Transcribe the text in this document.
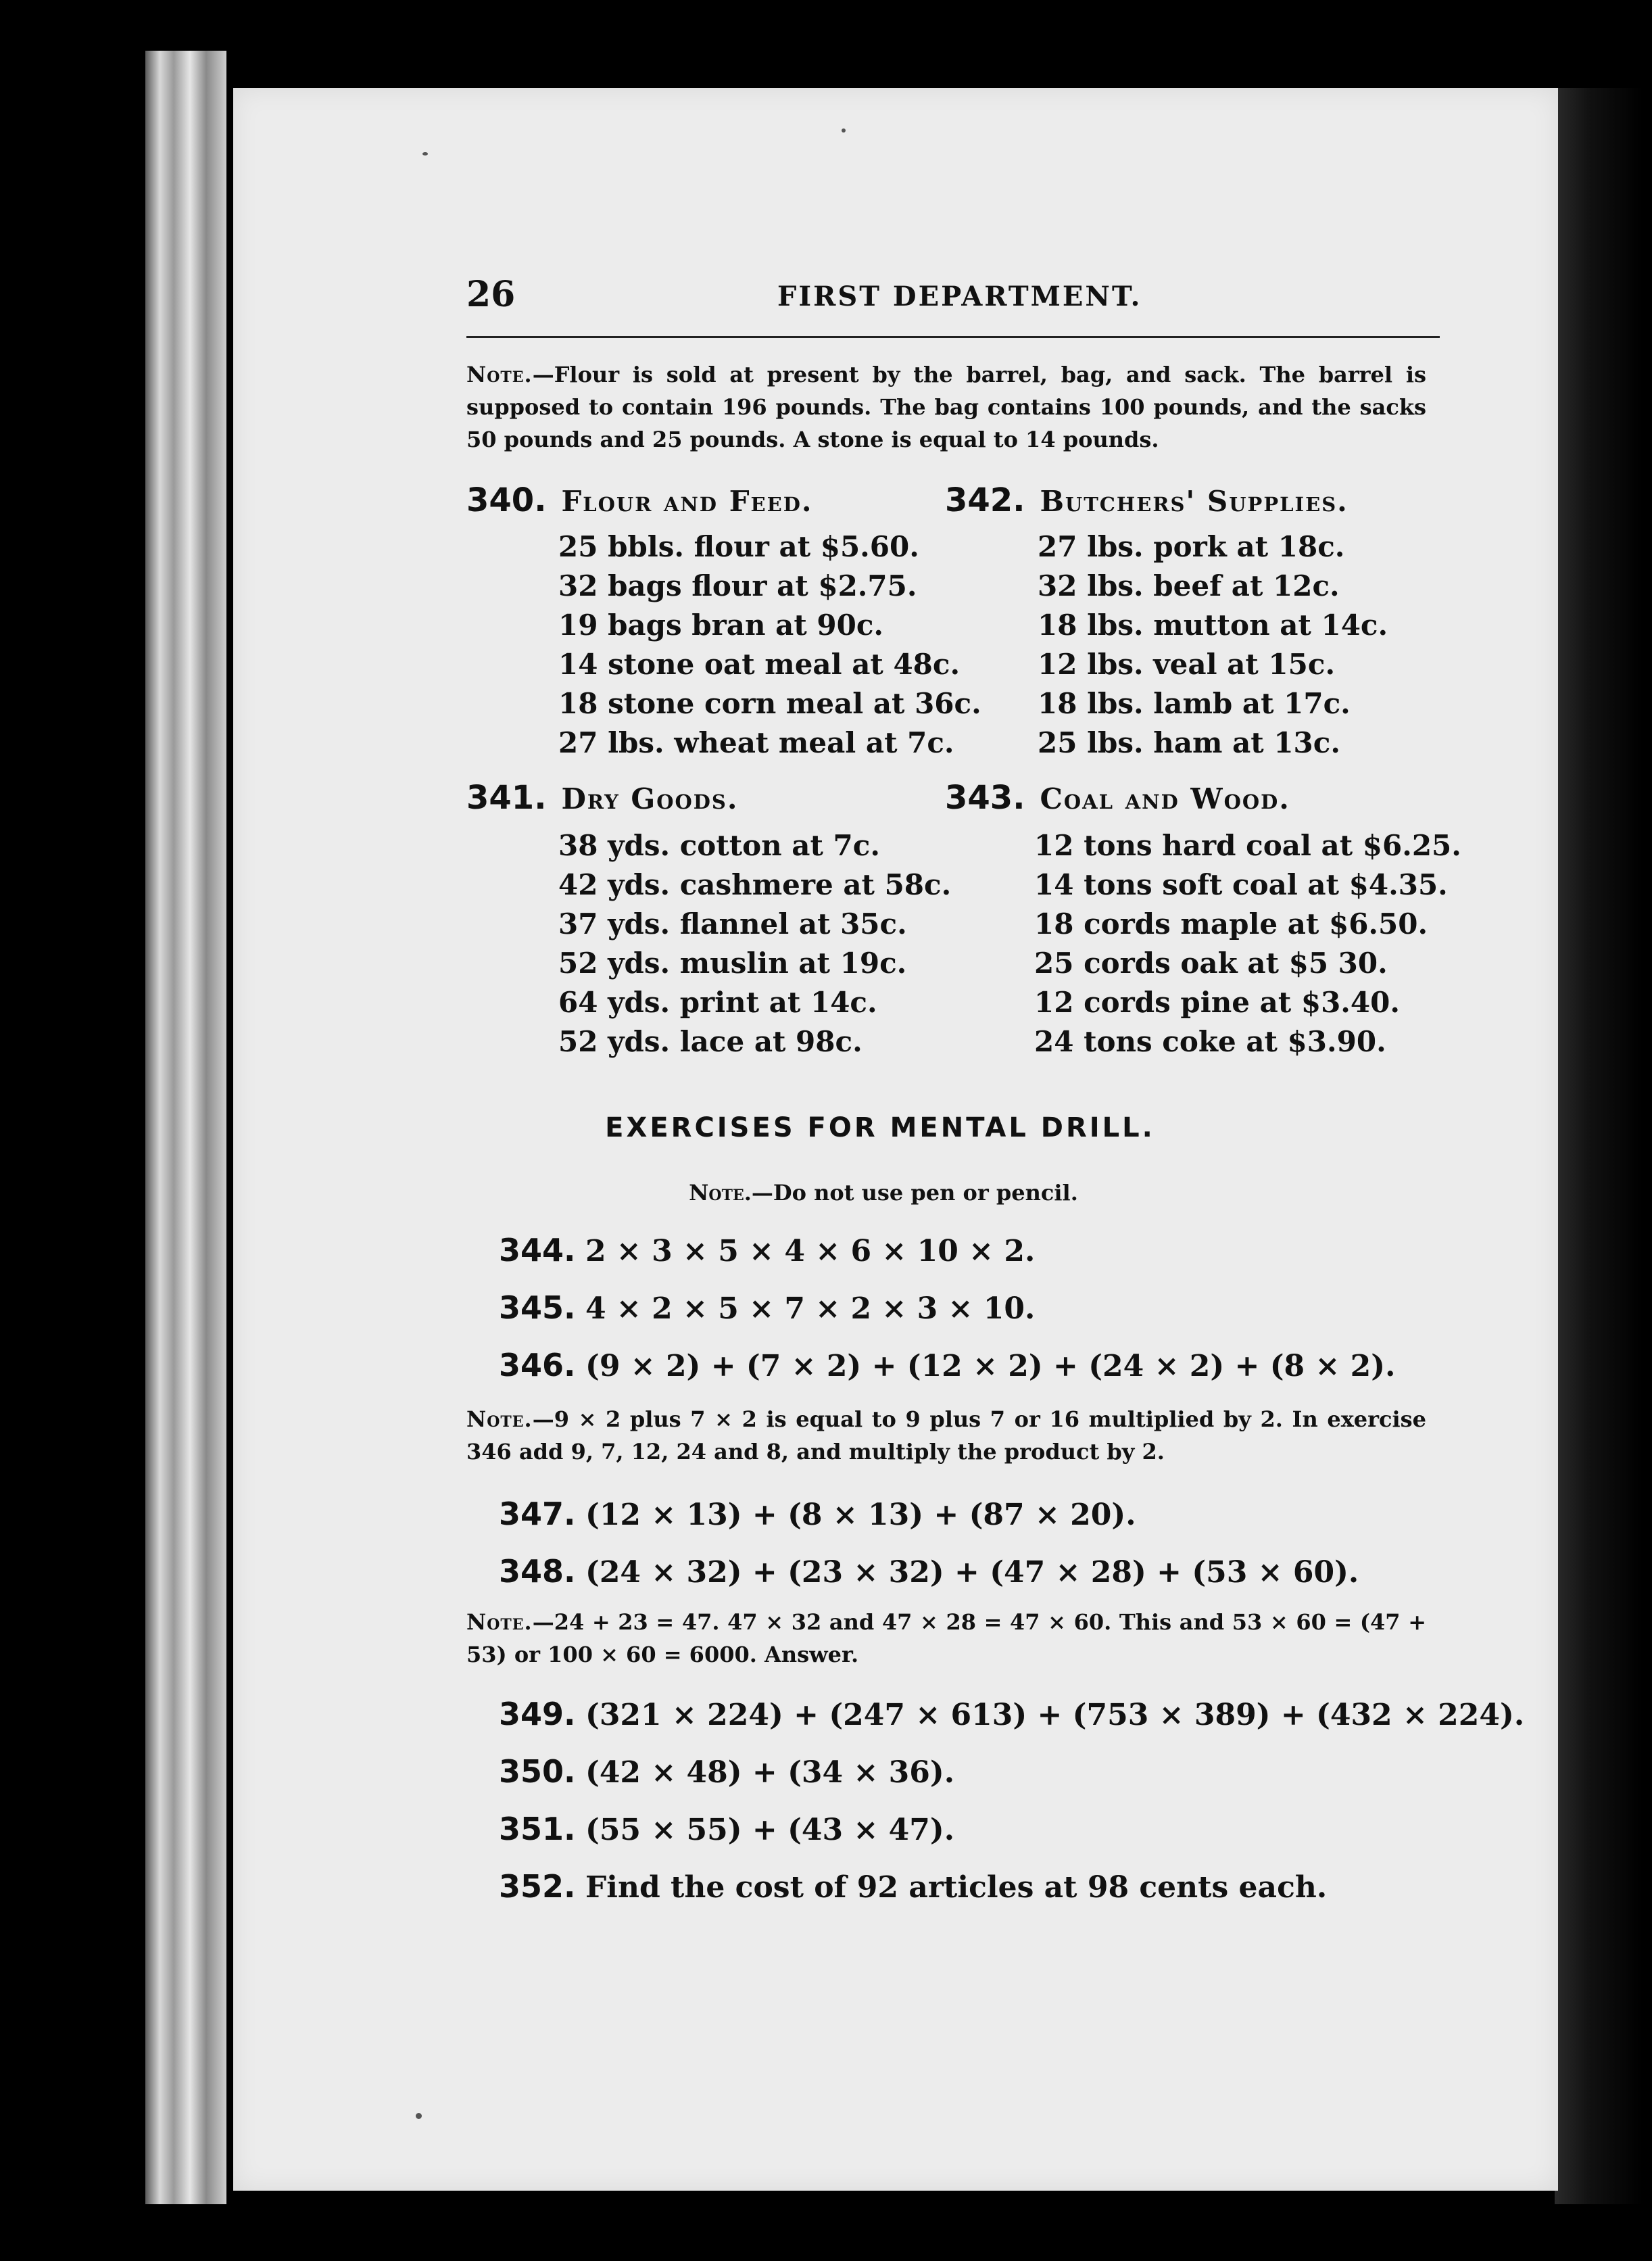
26	FIRST DEPARTMENT.
Note.—Flour is sold at present by the barrel, bag, and sack. The barrel is supposed to contain 196 pounds. The bag contains 100 pounds, and the sacks 50 pounds and 25 pounds. A stone is equal to 14 pounds.
340. Flour and Feed.
25 bbls. flour at $5.60.
32 bags flour at $2.75.
19 bags bran at 90c.
14 stone oat meal at 48c.
18 stone corn meal at 36c.
27 lbs. wheat meal at 7c.
342. Butchers' Supplies.
27 lbs. pork at 18c.
32 lbs. beef at 12c.
18 lbs. mutton at 14c.
12 lbs. veal at 15c.
18 lbs. lamb at 17c.
25 lbs. ham at 13c.
341. Dry Goods.
38 yds. cotton at 7c.
42 yds. cashmere at 58c.
37 yds. flannel at 35c.
52 yds. muslin at 19c.
64 yds. print at 14c.
52 yds. lace at 98c.
343. Coal and Wood.
12 tons hard coal at $6.25.
14 tons soft coal at $4.35.
18 cords maple at $6.50.
25 cords oak at $5 30.
12 cords pine at $3.40.
24 tons coke at $3.90.
EXERCISES FOR MENTAL DRILL.
Note.—Do not use pen or pencil.
344. 2 × 3 × 5 × 4 × 6 × 10 × 2.
345. 4 × 2 × 5 × 7 × 2 × 3 × 10.
346. (9 × 2) + (7 × 2) + (12 × 2) + (24 × 2) + (8 × 2).
Note.—9 × 2 plus 7 × 2 is equal to 9 plus 7 or 16 multiplied by 2. In exercise 346 add 9, 7, 12, 24 and 8, and multiply the product by 2.
347. (12 × 13) + (8 × 13) + (87 × 20).
348. (24 × 32) + (23 × 32) + (47 × 28) + (53 × 60).
Note.—24 + 23 = 47. 47 × 32 and 47 × 28 = 47 × 60. This and 53 × 60 = (47 + 53) or 100 × 60 = 6000. Answer.
349. (321 × 224) + (247 × 613) + (753 × 389) + (432 × 224).
350. (42 × 48) + (34 × 36).
351. (55 × 55) + (43 × 47).
352. Find the cost of 92 articles at 98 cents each.
